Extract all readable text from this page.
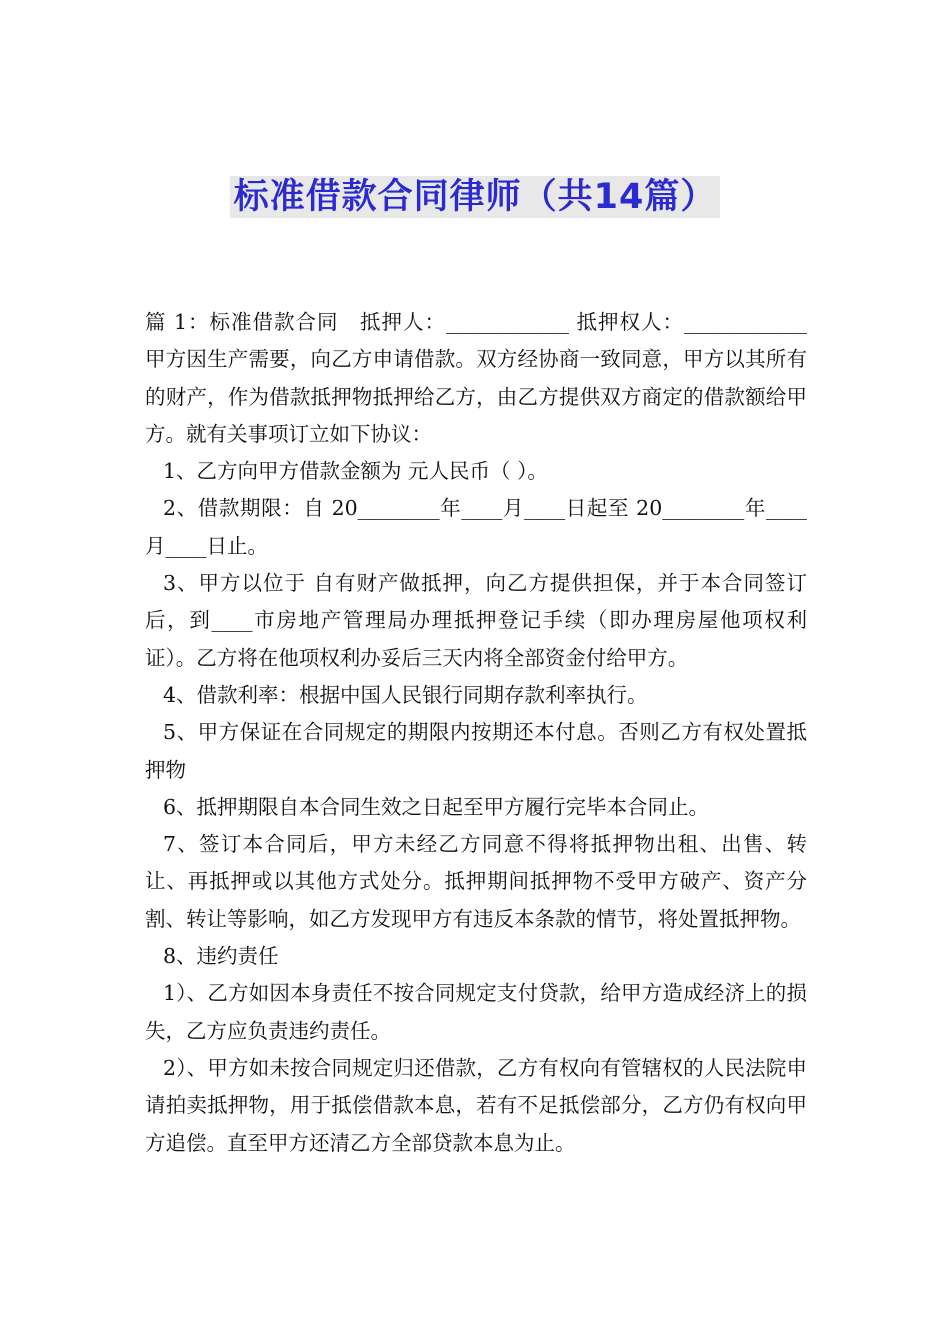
标准借款合同律师（共14篇）

篇 1：标准借款合同　抵押人：____________ 抵押权人：____________ 甲方因生产需要，向乙方申请借款。双方经协商一致同意，甲方以其所有的财产，作为借款抵押物抵押给乙方，由乙方提供双方商定的借款额给甲方。就有关事项订立如下协议：

1、乙方向甲方借款金额为 元人民币（ ）。

2、借款期限：自 20________年____月____日起至 20________年____月____日止。

3、甲方以位于 自有财产做抵押，向乙方提供担保，并于本合同签订后，到____市房地产管理局办理抵押登记手续（即办理房屋他项权利证）。乙方将在他项权利办妥后三天内将全部资金付给甲方。

4、借款利率：根据中国人民银行同期存款利率执行。

5、甲方保证在合同规定的期限内按期还本付息。否则乙方有权处置抵押物

6、抵押期限自本合同生效之日起至甲方履行完毕本合同止。

7、签订本合同后，甲方未经乙方同意不得将抵押物出租、出售、转让、再抵押或以其他方式处分。抵押期间抵押物不受甲方破产、资产分割、转让等影响，如乙方发现甲方有违反本条款的情节，将处置抵押物。

8、违约责任

1）、乙方如因本身责任不按合同规定支付贷款，给甲方造成经济上的损失，乙方应负责违约责任。

2）、甲方如未按合同规定归还借款，乙方有权向有管辖权的人民法院申请拍卖抵押物，用于抵偿借款本息，若有不足抵偿部分，乙方仍有权向甲方追偿。直至甲方还清乙方全部贷款本息为止。
